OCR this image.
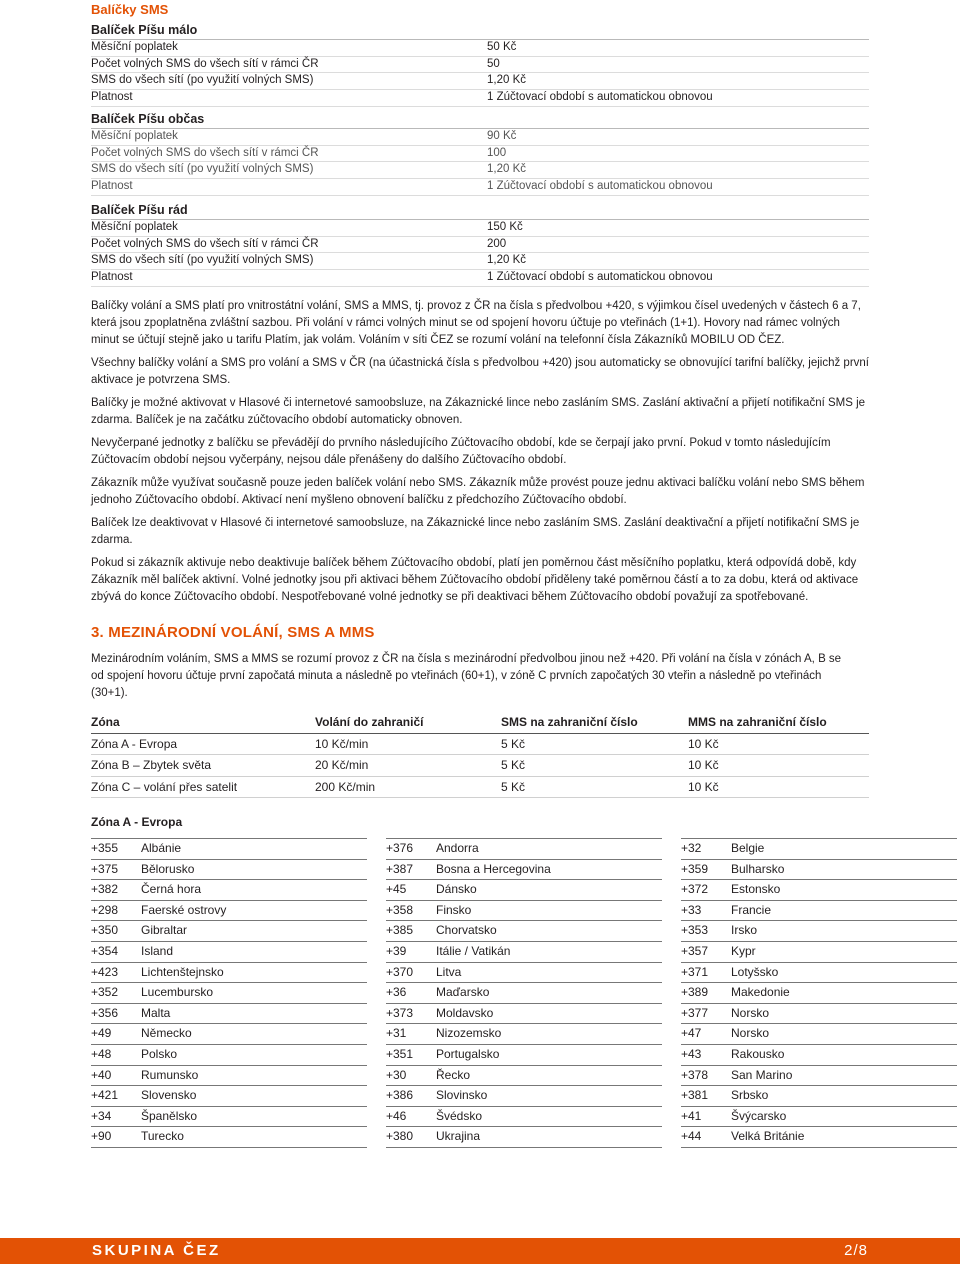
Balíčky SMS
Balíček Píšu málo
Měsíční poplatek	50 Kč
Počet volných SMS do všech sítí v rámci ČR	50
SMS do všech sítí (po využití volných SMS)	1,20 Kč
Platnost	1 Zúčtovací období s automatickou obnovou
Balíček Píšu občas
Měsíční poplatek	90 Kč
Počet volných SMS do všech sítí v rámci ČR	100
SMS do všech sítí (po využití volných SMS)	1,20 Kč
Platnost	1 Zúčtovací období s automatickou obnovou
Balíček Píšu rád
Měsíční poplatek	150 Kč
Počet volných SMS do všech sítí v rámci ČR	200
SMS do všech sítí (po využití volných SMS)	1,20 Kč
Platnost	1 Zúčtovací období s automatickou obnovou

Balíčky volání a SMS platí pro vnitrostátní volání, SMS a MMS, tj. provoz z ČR na čísla s předvolbou +420, s výjimkou čísel uvedených v částech 6 a 7, která jsou zpoplatněna zvláštní sazbou. Při volání v rámci volných minut se od spojení hovoru účtuje po vteřinách (1+1). Hovory nad rámec volných minut se účtují stejně jako u tarifu Platím, jak volám. Voláním v síti ČEZ se rozumí volání na telefonní čísla Zákazníků MOBILU OD ČEZ.

Všechny balíčky volání a SMS pro volání a SMS v ČR (na účastnická čísla s předvolbou +420) jsou automaticky se obnovující tarifní balíčky, jejichž první aktivace je potvrzena SMS.

Balíčky je možné aktivovat v Hlasové či internetové samoobsluze, na Zákaznické lince nebo zasláním SMS. Zaslání aktivační a přijetí notifikační SMS je zdarma. Balíček je na začátku zúčtovacího období automaticky obnoven.

Nevyčerpané jednotky z balíčku se převádějí do prvního následujícího Zúčtovacího období, kde se čerpají jako první. Pokud v tomto následujícím Zúčtovacím období nejsou vyčerpány, nejsou dále přenášeny do dalšího Zúčtovacího období.

Zákazník může využívat současně pouze jeden balíček volání nebo SMS. Zákazník může provést pouze jednu aktivaci balíčku volání nebo SMS během jednoho Zúčtovacího období. Aktivací není myšleno obnovení balíčku z předchozího Zúčtovacího období.

Balíček lze deaktivovat v Hlasové či internetové samoobsluze, na Zákaznické lince nebo zasláním SMS. Zaslání deaktivační a přijetí notifikační SMS je zdarma.

Pokud si zákazník aktivuje nebo deaktivuje balíček během Zúčtovacího období, platí jen poměrnou část měsíčního poplatku, která odpovídá době, kdy Zákazník měl balíček aktivní. Volné jednotky jsou při aktivaci během Zúčtovacího období přiděleny také poměrnou částí a to za dobu, která od aktivace zbývá do konce Zúčtovacího období. Nespotřebované volné jednotky se při deaktivaci během Zúčtovacího období považují za spotřebované.

3. MEZINÁRODNÍ VOLÁNÍ, SMS A MMS
Mezinárodním voláním, SMS a MMS se rozumí provoz z ČR na čísla s mezinárodní předvolbou jinou než +420. Při volání na čísla v zónách A, B se od spojení hovoru účtuje první započatá minuta a následně po vteřinách (60+1), v zóně C prvních započatých 30 vteřin a následně po vteřinách (30+1).
Zóna	Volání do zahraničí	SMS na zahraniční číslo	MMS na zahraniční číslo
Zóna A - Evropa	10 Kč/min	5 Kč	10 Kč
Zóna B – Zbytek světa	20 Kč/min	5 Kč	10 Kč
Zóna C – volání přes satelit	200 Kč/min	5 Kč	10 Kč
Zóna A - Evropa
+355 Albánie
+375 Bělorusko
+382 Černá hora
+298 Faerské ostrovy
+350 Gibraltar
+354 Island
+423 Lichtenštejnsko
+352 Lucembursko
+356 Malta
+49 Německo
+48 Polsko
+40 Rumunsko
+421 Slovensko
+34 Španělsko
+90 Turecko
+376 Andorra
+387 Bosna a Hercegovina
+45 Dánsko
+358 Finsko
+385 Chorvatsko
+39 Itálie / Vatikán
+370 Litva
+36 Maďarsko
+373 Moldavsko
+31 Nizozemsko
+351 Portugalsko
+30 Řecko
+386 Slovinsko
+46 Švédsko
+380 Ukrajina
+32 Belgie
+359 Bulharsko
+372 Estonsko
+33 Francie
+353 Irsko
+357 Kypr
+371 Lotyšsko
+389 Makedonie
+377 Norsko
+47 Norsko
+43 Rakousko
+378 San Marino
+381 Srbsko
+41 Švýcarsko
+44 Velká Británie
SKUPINA ČEZ	2/8
